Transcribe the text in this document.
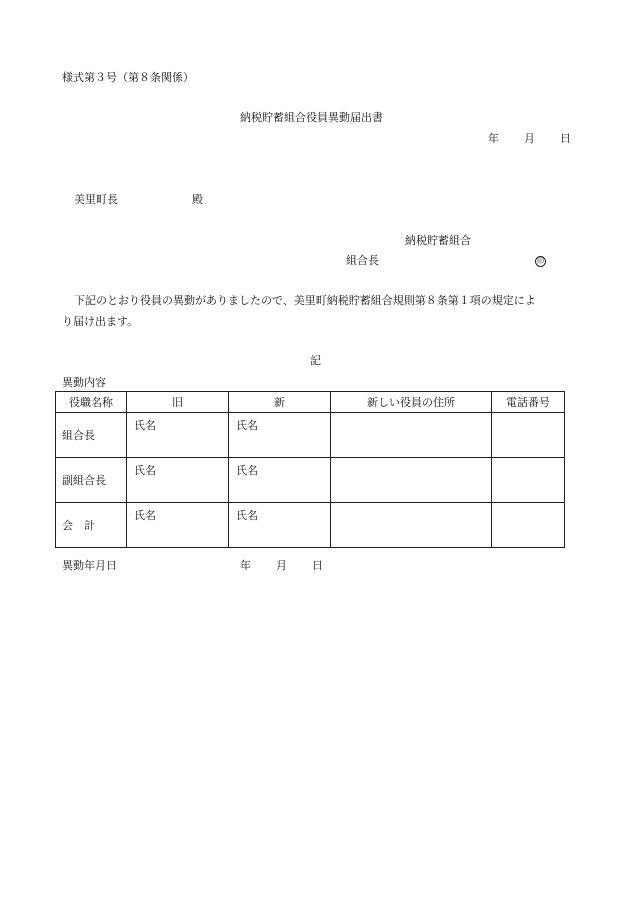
様式第３号（第８条関係）
納税貯蓄組合役員異動届出書
年 月 日
美里町長	殿
納税貯蓄組合
組合長	印
下記のとおり役員の異動がありましたので、美里町納税貯蓄組合規則第８条第１項の規定によ
り届け出ます。
記
異動内容
役職名称	旧	新	新しい役員の住所	電話番号
組合長	氏名	氏名		
副組合長	氏名	氏名		
会　計	氏名	氏名		
異動年月日	年 月 日
